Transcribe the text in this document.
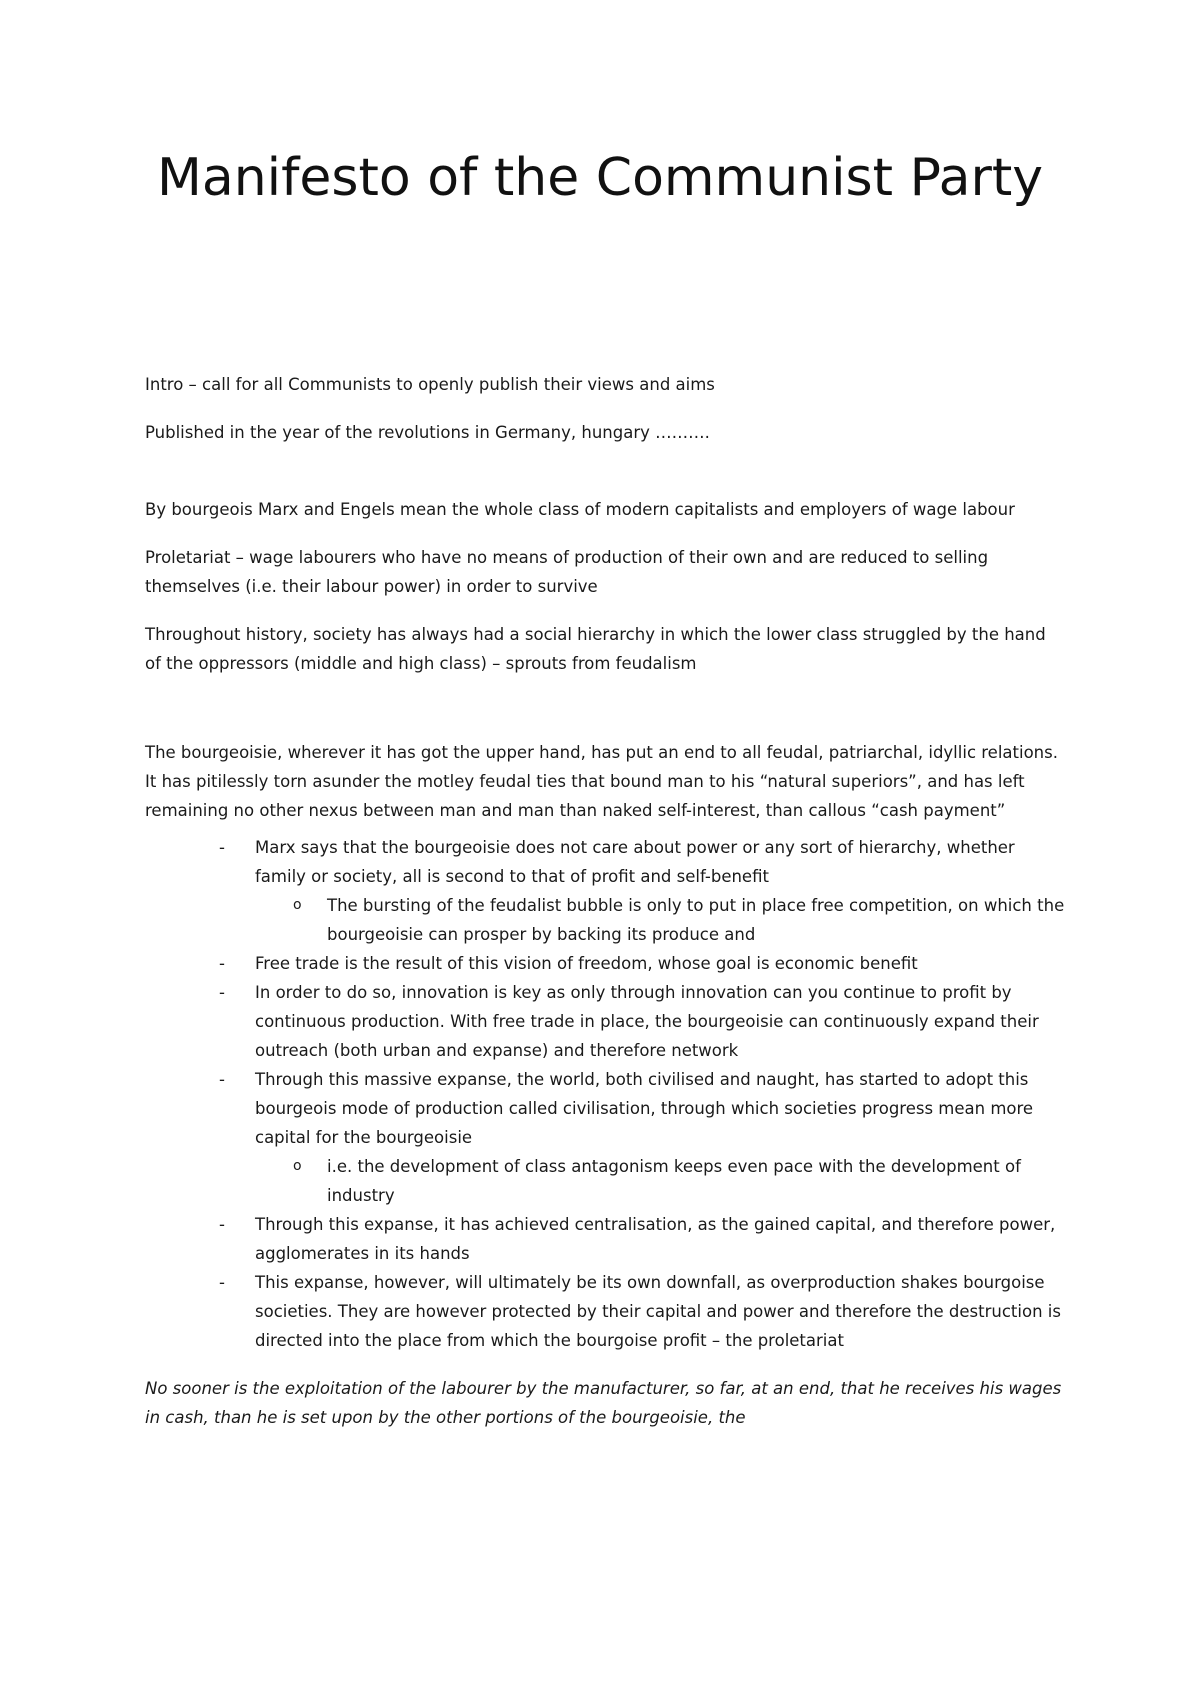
Manifesto of the Communist Party

Intro – call for all Communists to openly publish their views and aims

Published in the year of the revolutions in Germany, hungary ……….

By bourgeois Marx and Engels mean the whole class of modern capitalists and employers of wage labour

Proletariat – wage labourers who have no means of production of their own and are reduced to selling themselves (i.e. their labour power) in order to survive

Throughout history, society has always had a social hierarchy in which the lower class struggled by the hand of the oppressors (middle and high class) – sprouts from feudalism

The bourgeoisie, wherever it has got the upper hand, has put an end to all feudal, patriarchal, idyllic relations. It has pitilessly torn asunder the motley feudal ties that bound man to his “natural superiors”, and has left remaining no other nexus between man and man than naked self-interest, than callous “cash payment”

- Marx says that the bourgeoisie does not care about power or any sort of hierarchy, whether family or society, all is second to that of profit and self-benefit
o The bursting of the feudalist bubble is only to put in place free competition, on which the bourgeoisie can prosper by backing its produce and
- Free trade is the result of this vision of freedom, whose goal is economic benefit
- In order to do so, innovation is key as only through innovation can you continue to profit by continuous production. With free trade in place, the bourgeoisie can continuously expand their outreach (both urban and expanse) and therefore network
- Through this massive expanse, the world, both civilised and naught, has started to adopt this bourgeois mode of production called civilisation, through which societies progress mean more capital for the bourgeoisie
o i.e. the development of class antagonism keeps even pace with the development of industry
- Through this expanse, it has achieved centralisation, as the gained capital, and therefore power, agglomerates in its hands
- This expanse, however, will ultimately be its own downfall, as overproduction shakes bourgoise societies. They are however protected by their capital and power and therefore the destruction is directed into the place from which the bourgoise profit – the proletariat

No sooner is the exploitation of the labourer by the manufacturer, so far, at an end, that he receives his wages in cash, than he is set upon by the other portions of the bourgeoisie, the
